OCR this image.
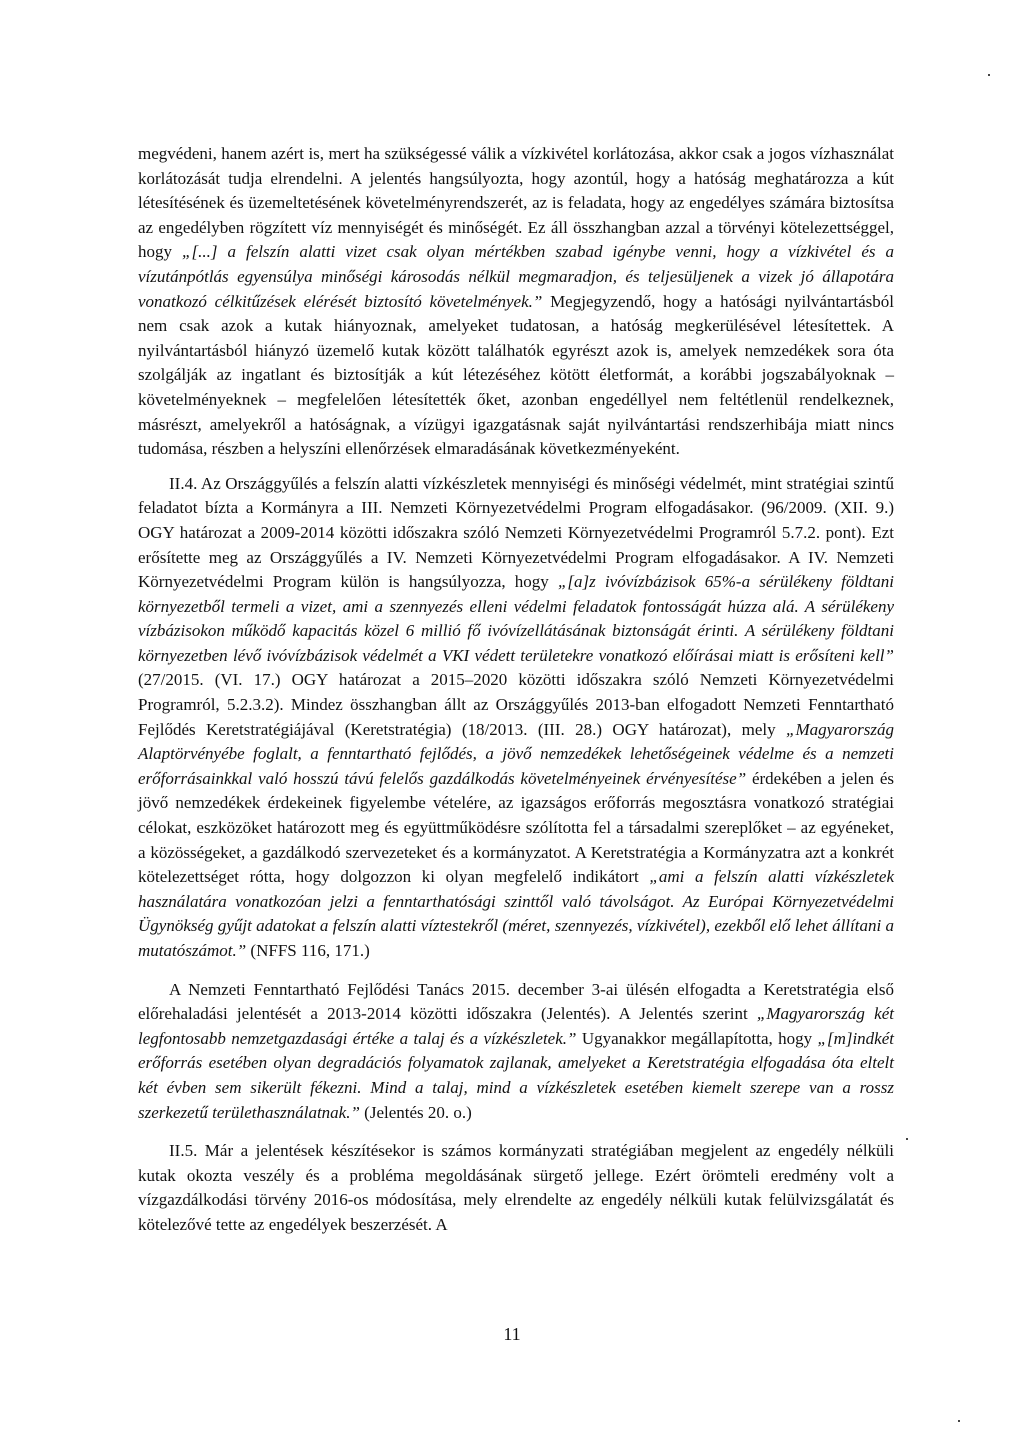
megvédeni, hanem azért is, mert ha szükségessé válik a vízkivétel korlátozása, akkor csak a jogos vízhasználat korlátozását tudja elrendelni. A jelentés hangsúlyozta, hogy azontúl, hogy a hatóság meghatározza a kút létesítésének és üzemeltetésének követelményrendszerét, az is feladata, hogy az engedélyes számára biztosítsa az engedélyben rögzített víz mennyiségét és minőségét. Ez áll összhangban azzal a törvényi kötelezettséggel, hogy „[...] a felszín alatti vizet csak olyan mértékben szabad igénybe venni, hogy a vízkivétel és a vízutánpótlás egyensúlya minőségi károsodás nélkül megmaradjon, és teljesüljenek a vizek jó állapotára vonatkozó célkitűzések elérését biztosító követelmények.” Megjegyzendő, hogy a hatósági nyilvántartásból nem csak azok a kutak hiányoznak, amelyeket tudatosan, a hatóság megkerülésével létesítettek. A nyilvántartásból hiányzó üzemelő kutak között találhatók egyrészt azok is, amelyek nemzedékek sora óta szolgálják az ingatlant és biztosítják a kút létezéséhez kötött életformát, a korábbi jogszabályoknak – követelményeknek – megfelelően létesítették őket, azonban engedéllyel nem feltétlenül rendelkeznek, másrészt, amelyekről a hatóságnak, a vízügyi igazgatásnak saját nyilvántartási rendszerhibája miatt nincs tudomása, részben a helyszíni ellenőrzések elmaradásának következményeként.

II.4. Az Országgyűlés a felszín alatti vízkészletek mennyiségi és minőségi védelmét, mint stratégiai szintű feladatot bízta a Kormányra a III. Nemzeti Környezetvédelmi Program elfogadásakor. (96/2009. (XII. 9.) OGY határozat a 2009-2014 közötti időszakra szóló Nemzeti Környezetvédelmi Programról 5.7.2. pont). Ezt erősítette meg az Országgyűlés a IV. Nemzeti Környezetvédelmi Program elfogadásakor. A IV. Nemzeti Környezetvédelmi Program külön is hangsúlyozza, hogy „[a]z ivóvízbázisok 65%-a sérülékeny földtani környezetből termeli a vizet, ami a szennyezés elleni védelmi feladatok fontosságát húzza alá. A sérülékeny vízbázisokon működő kapacitás közel 6 millió fő ivóvízellátásának biztonságát érinti. A sérülékeny földtani környezetben lévő ivóvízbázisok védelmét a VKI védett területekre vonatkozó előírásai miatt is erősíteni kell” (27/2015. (VI. 17.) OGY határozat a 2015–2020 közötti időszakra szóló Nemzeti Környezetvédelmi Programról, 5.2.3.2). Mindez összhangban állt az Országgyűlés 2013-ban elfogadott Nemzeti Fenntartható Fejlődés Keretstratégiájával (Keretstratégia) (18/2013. (III. 28.) OGY határozat), mely „Magyarország Alaptörvényébe foglalt, a fenntartható fejlődés, a jövő nemzedékek lehetőségeinek védelme és a nemzeti erőforrásainkkal való hosszú távú felelős gazdálkodás követelményeinek érvényesítése” érdekében a jelen és jövő nemzedékek érdekeinek figyelembe vételére, az igazságos erőforrás megosztásra vonatkozó stratégiai célokat, eszközöket határozott meg és együttműködésre szólította fel a társadalmi szereplőket – az egyéneket, a közösségeket, a gazdálkodó szervezeteket és a kormányzatot. A Keretstratégia a Kormányzatra azt a konkrét kötelezettséget rótta, hogy dolgozzon ki olyan megfelelő indikátort „ami a felszín alatti vízkészletek használatára vonatkozóan jelzi a fenntarthatósági szinttől való távolságot. Az Európai Környezetvédelmi Ügynökség gyűjt adatokat a felszín alatti víztestekről (méret, szennyezés, vízkivétel), ezekből elő lehet állítani a mutatószámot.” (NFFS 116, 171.)

A Nemzeti Fenntartható Fejlődési Tanács 2015. december 3-ai ülésén elfogadta a Keretstratégia első előrehaladási jelentését a 2013-2014 közötti időszakra (Jelentés). A Jelentés szerint „Magyarország két legfontosabb nemzetgazdasági értéke a talaj és a vízkészletek.” Ugyanakkor megállapította, hogy „[m]indkét erőforrás esetében olyan degradációs folyamatok zajlanak, amelyeket a Keretstratégia elfogadása óta eltelt két évben sem sikerült fékezni. Mind a talaj, mind a vízkészletek esetében kiemelt szerepe van a rossz szerkezetű területhasználatnak.” (Jelentés 20. o.)

II.5. Már a jelentések készítésekor is számos kormányzati stratégiában megjelent az engedély nélküli kutak okozta veszély és a probléma megoldásának sürgető jellege. Ezért örömteli eredmény volt a vízgazdálkodási törvény 2016-os módosítása, mely elrendelte az engedély nélküli kutak felülvizsgálatát és kötelezővé tette az engedélyek beszerzését. A

11
